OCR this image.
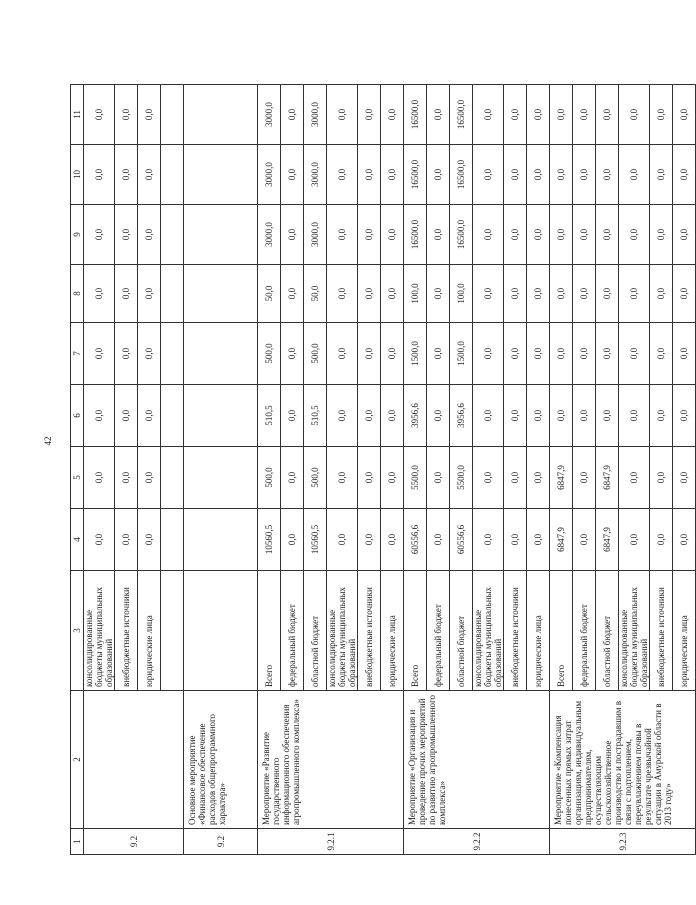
42
1	2	3	4	5	6	7	8	9	10	11
9.2		консолидированные бюджеты муниципальных образований	0,0	0,0	0,0	0,0	0,0	0,0	0,0	0,0
		внебюджетные источники	0,0	0,0	0,0	0,0	0,0	0,0	0,0	0,0
		юридические лица	0,0	0,0	0,0	0,0	0,0	0,0	0,0	0,0

9.2	Основное мероприятие «Финансовое обеспечение расходов общепрограммного характера»									
9.2.1	Мероприятие «Развитие государственного информационного обеспечения агропромышленного комплекса»	Всего	10560,5	500,0	510,5	500,0	50,0	3000,0	3000,0	3000,0
		федеральный бюджет	0,0	0,0	0,0	0,0	0,0	0,0	0,0	0,0
		областной бюджет	10560,5	500,0	510,5	500,0	50,0	3000,0	3000,0	3000,0
		консолидированные бюджеты муниципальных образований	0,0	0,0	0,0	0,0	0,0	0,0	0,0	0,0
		внебюджетные источники	0,0	0,0	0,0	0,0	0,0	0,0	0,0	0,0
		юридические лица	0,0	0,0	0,0	0,0	0,0	0,0	0,0	0,0
9.2.2	Мероприятие «Организация и проведение прочих мероприятий по развитию агропромышленного комплекса»	Всего	60556,6	5500,0	3956,6	1500,0	100,0	16500,0	16500,0	16500,0
		федеральный бюджет	0,0	0,0	0,0	0,0	0,0	0,0	0,0	0,0
		областной бюджет	60556,6	5500,0	3956,6	1500,0	100,0	16500,0	16500,0	16500,0
		консолидированные бюджеты муниципальных образований	0,0	0,0	0,0	0,0	0,0	0,0	0,0	0,0
		внебюджетные источники	0,0	0,0	0,0	0,0	0,0	0,0	0,0	0,0
		юридические лица	0,0	0,0	0,0	0,0	0,0	0,0	0,0	0,0
9.2.3	Мероприятие «Компенсация понесенных прямых затрат организациям, индивидуальным предпринимателям, осуществляющим сельскохозяйственное производство и пострадавшим в связи с подтоплением, переувлажнением почвы в результате чрезвычайной ситуации в Амурской области в 2013 году»	Всего	6847,9	6847,9	0,0	0,0	0,0	0,0	0,0	0,0
		федеральный бюджет	0,0	0,0	0,0	0,0	0,0	0,0	0,0	0,0
		областной бюджет	6847,9	6847,9	0,0	0,0	0,0	0,0	0,0	0,0
		консолидированные бюджеты муниципальных образований	0,0	0,0	0,0	0,0	0,0	0,0	0,0	0,0
		внебюджетные источники	0,0	0,0	0,0	0,0	0,0	0,0	0,0	0,0
		юридические лица	0,0	0,0	0,0	0,0	0,0	0,0	0,0	0,0
